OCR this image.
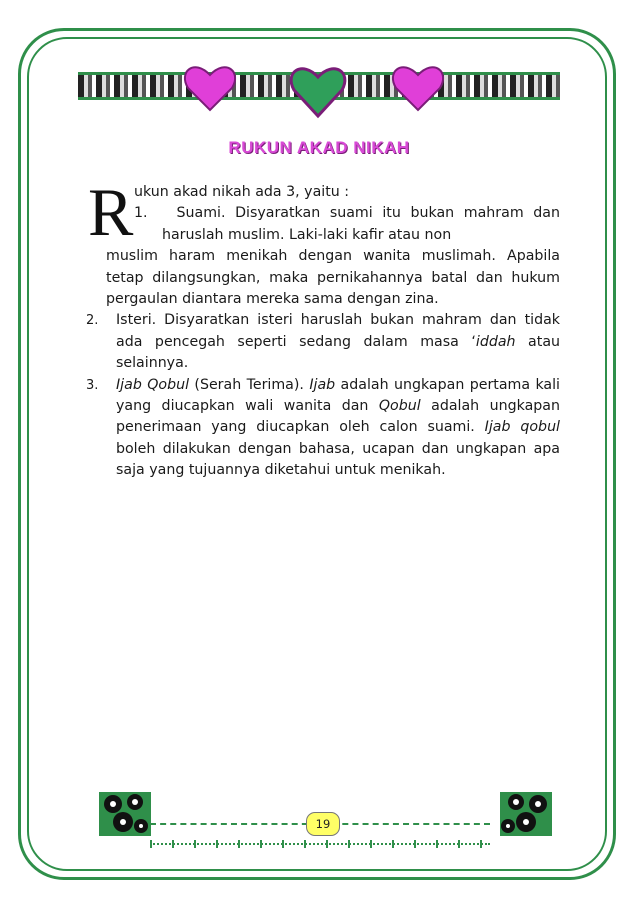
RUKUN AKAD NIKAH
R ukun akad nikah ada 3, yaitu :
1. Suami. Disyaratkan suami itu bukan mahram dan haruslah muslim. Laki-laki kafir atau non
muslim haram menikah dengan wanita muslimah. Apabila tetap dilangsungkan, maka pernikahannya batal dan hukum pergaulan diantara mereka sama dengan zina.
2. Isteri. Disyaratkan isteri haruslah bukan mahram dan tidak ada pencegah seperti sedang dalam masa ‘iddah atau selainnya.
3. Ijab Qobul (Serah Terima). Ijab adalah ungkapan pertama kali yang diucapkan wali wanita dan Qobul adalah ungkapan penerimaan yang diucapkan oleh calon suami. Ijab qobul boleh dilakukan dengan bahasa, ucapan dan ungkapan apa saja yang tujuannya diketahui untuk menikah.
19
